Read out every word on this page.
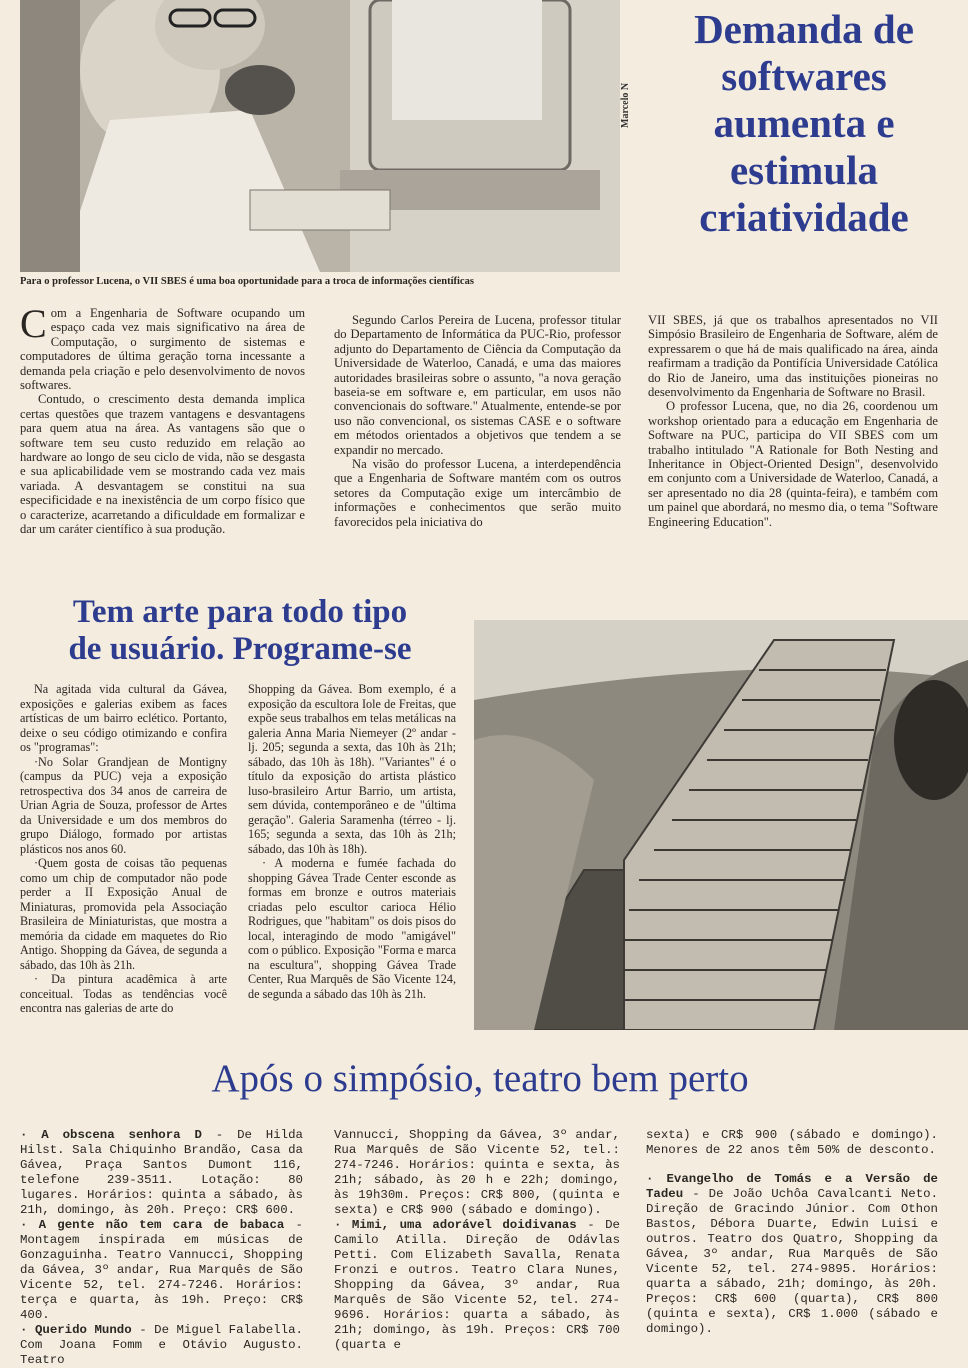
Marcelo N
Demanda de
softwares
aumenta e
estimula
criatividade
Para o professor Lucena, o VII SBES é uma boa oportunidade para a troca de informações científicas

Com a Engenharia de Software ocupando um espaço cada vez mais significativo na área de Computação, o surgimento de sistemas e computadores de última geração torna incessante a demanda pela criação e pelo desenvolvimento de novos softwares.

Contudo, o crescimento desta demanda implica certas questões que trazem vantagens e desvantagens para quem atua na área. As vantagens são que o software tem seu custo reduzido em relação ao hardware ao longo de seu ciclo de vida, não se desgasta e sua aplicabilidade vem se mostrando cada vez mais variada. A desvantagem se constitui na sua especificidade e na inexistência de um corpo físico que o caracterize, acarretando a dificuldade em formalizar e dar um caráter científico à sua produção.

Segundo Carlos Pereira de Lucena, professor titular do Departamento de Informática da PUC-Rio, professor adjunto do Departamento de Ciência da Computação da Universidade de Waterloo, Canadá, e uma das maiores autoridades brasileiras sobre o assunto, "a nova geração baseia-se em software e, em particular, em usos não convencionais do software." Atualmente, entende-se por uso não convencional, os sistemas CASE e o software em métodos orientados a objetivos que tendem a se expandir no mercado.

Na visão do professor Lucena, a interdependência que a Engenharia de Software mantém com os outros setores da Computação exige um intercâmbio de informações e conhecimentos que serão muito favorecidos pela iniciativa do

VII SBES, já que os trabalhos apresentados no VII Simpósio Brasileiro de Engenharia de Software, além de expressarem o que há de mais qualificado na área, ainda reafirmam a tradição da Pontifícia Universidade Católica do Rio de Janeiro, uma das instituições pioneiras no desenvolvimento da Engenharia de Software no Brasil.

O professor Lucena, que, no dia 26, coordenou um workshop orientado para a educação em Engenharia de Software na PUC, participa do VII SBES com um trabalho intitulado "A Rationale for Both Nesting and Inheritance in Object-Oriented Design", desenvolvido em conjunto com a Universidade de Waterloo, Canadá, a ser apresentado no dia 28 (quinta-feira), e também com um painel que abordará, no mesmo dia, o tema "Software Engineering Education".

Tem arte para todo tipo
de usuário. Programe-se

Na agitada vida cultural da Gávea, exposições e galerias exibem as faces artísticas de um bairro eclético. Portanto, deixe o seu código otimizando e confira os "programas":

·No Solar Grandjean de Montigny (campus da PUC) veja a exposição retrospectiva dos 34 anos de carreira de Urian Agria de Souza, professor de Artes da Universidade e um dos membros do grupo Diálogo, formado por artistas plásticos nos anos 60.

·Quem gosta de coisas tão pequenas como um chip de computador não pode perder a II Exposição Anual de Miniaturas, promovida pela Associação Brasileira de Miniaturistas, que mostra a memória da cidade em maquetes do Rio Antigo. Shopping da Gávea, de segunda a sábado, das 10h às 21h.

· Da pintura acadêmica à arte conceitual. Todas as tendências você encontra nas galerias de arte do

Shopping da Gávea. Bom exemplo, é a exposição da escultora Iole de Freitas, que expõe seus trabalhos em telas metálicas na galeria Anna Maria Niemeyer (2º andar - lj. 205; segunda a sexta, das 10h às 21h; sábado, das 10h às 18h). "Variantes" é o título da exposição do artista plástico luso-brasileiro Artur Barrio, um artista, sem dúvida, contemporâneo e de "última geração". Galeria Saramenha (térreo - lj. 165; segunda a sexta, das 10h às 21h; sábado, das 10h às 18h).

· A moderna e fumée fachada do shopping Gávea Trade Center esconde as formas em bronze e outros materiais criadas pelo escultor carioca Hélio Rodrigues, que "habitam" os dois pisos do local, interagindo de modo "amigável" com o público. Exposição "Forma e marca na escultura", shopping Gávea Trade Center, Rua Marquês de São Vicente 124, de segunda a sábado das 10h às 21h.

Após o simpósio, teatro bem perto

· A obscena senhora D - De Hilda Hilst. Sala Chiquinho Brandão, Casa da Gávea, Praça Santos Dumont 116, telefone 239-3511. Lotação: 80 lugares. Horários: quinta a sábado, às 21h, domingo, às 20h. Preço: CR$ 600.

· A gente não tem cara de babaca - Montagem inspirada em músicas de Gonzaguinha. Teatro Vannucci, Shopping da Gávea, 3º andar, Rua Marquês de São Vicente 52, tel. 274-7246. Horários: terça e quarta, às 19h. Preço: CR$ 400.

· Querido Mundo - De Miguel Falabella. Com Joana Fomm e Otávio Augusto. Teatro

Vannucci, Shopping da Gávea, 3º andar, Rua Marquês de São Vicente 52, tel.: 274-7246. Horários: quinta e sexta, às 21h; sábado, às 20 h e 22h; domingo, às 19h30m. Preços: CR$ 800, (quinta e sexta) e CR$ 900 (sábado e domingo).

· Mimi, uma adorável doidivanas - De Camilo Atilla. Direção de Odávlas Petti. Com Elizabeth Savalla, Renata Fronzi e outros. Teatro Clara Nunes, Shopping da Gávea, 3º andar, Rua Marquês de São Vicente 52, tel. 274-9696. Horários: quarta a sábado, às 21h; domingo, às 19h. Preços: CR$ 700 (quarta e

sexta) e CR$ 900 (sábado e domingo). Menores de 22 anos têm 50% de desconto.

· Evangelho de Tomás e a Versão de Tadeu - De João Uchôa Cavalcanti Neto. Direção de Gracindo Júnior. Com Othon Bastos, Débora Duarte, Edwin Luisi e outros. Teatro dos Quatro, Shopping da Gávea, 3º andar, Rua Marquês de São Vicente 52, tel. 274-9895. Horários: quarta a sábado, 21h; domingo, às 20h. Preços: CR$ 600 (quarta), CR$ 800 (quinta e sexta), CR$ 1.000 (sábado e domingo).
